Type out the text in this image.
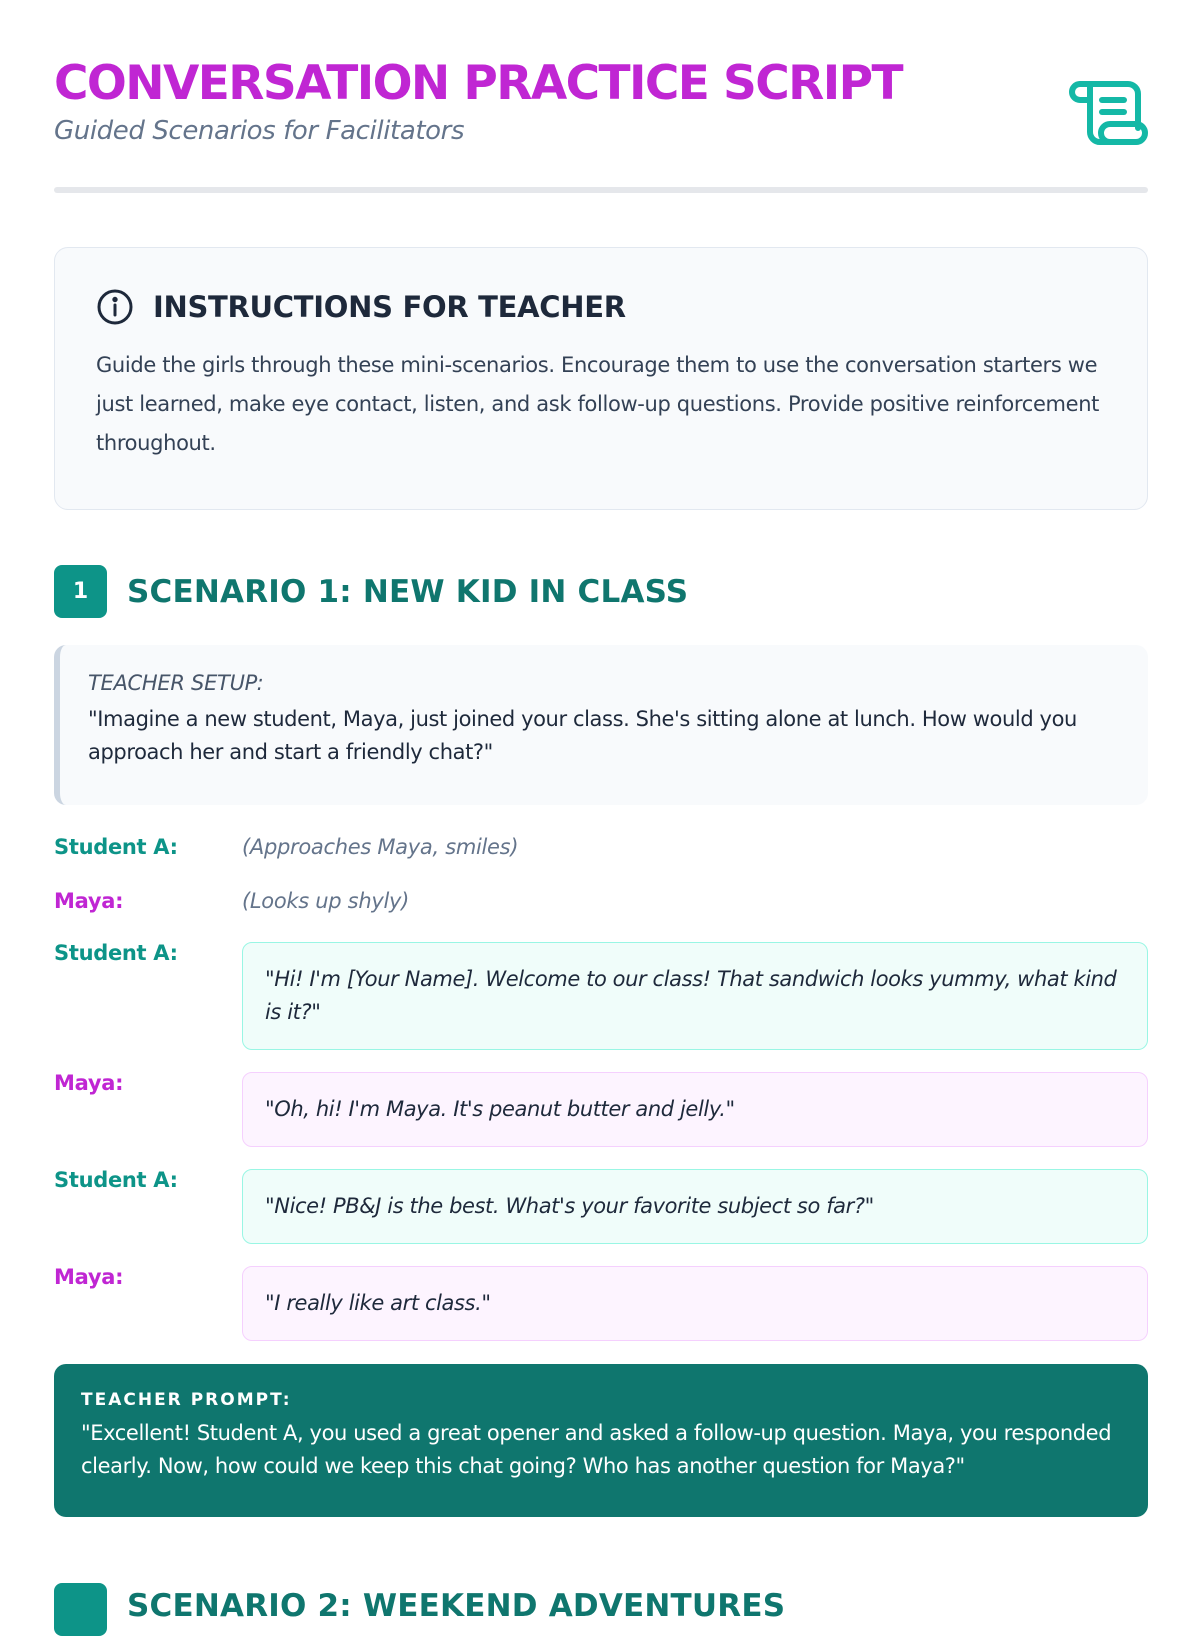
CONVERSATION PRACTICE SCRIPT
Guided Scenarios for Facilitators
INSTRUCTIONS FOR TEACHER
Guide the girls through these mini-scenarios. Encourage them to use the conversation starters we just learned, make eye contact, listen, and ask follow-up questions. Provide positive reinforcement throughout.
1	SCENARIO 1: NEW KID IN CLASS
TEACHER SETUP:
"Imagine a new student, Maya, just joined your class. She's sitting alone at lunch. How would you approach her and start a friendly chat?"
Student A:	(Approaches Maya, smiles)
Maya:	(Looks up shyly)
Student A:
"Hi! I'm [Your Name]. Welcome to our class! That sandwich looks yummy, what kind is it?"
Maya:
"Oh, hi! I'm Maya. It's peanut butter and jelly."
Student A:
"Nice! PB&J is the best. What's your favorite subject so far?"
Maya:
"I really like art class."
TEACHER PROMPT:
"Excellent! Student A, you used a great opener and asked a follow-up question. Maya, you responded clearly. Now, how could we keep this chat going? Who has another question for Maya?"
SCENARIO 2: WEEKEND ADVENTURES
